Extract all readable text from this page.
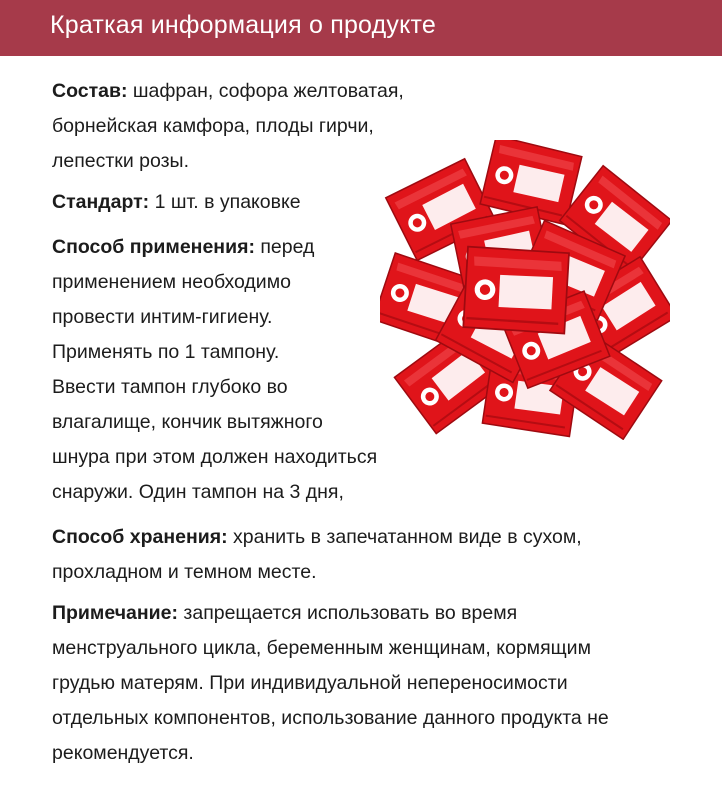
Краткая информация о продукте
Состав: шафран, софора желтоватая,
борнейская камфора, плоды гирчи,
лепестки розы.
Стандарт: 1 шт. в упаковке
Способ применения: перед
применением необходимо
провести интим-гигиену.
Применять по 1 тампону.
Ввести тампон глубоко во
влагалище, кончик вытяжного
шнура при этом должен находиться
снаружи. Один тампон на 3 дня,
Способ хранения: хранить в запечатанном виде в сухом,
прохладном и темном месте.
Примечание: запрещается использовать во время
менструального цикла, беременным женщинам, кормящим
грудью матерям. При индивидуальной непереносимости
отдельных компонентов, использование данного продукта не
рекомендуется.
